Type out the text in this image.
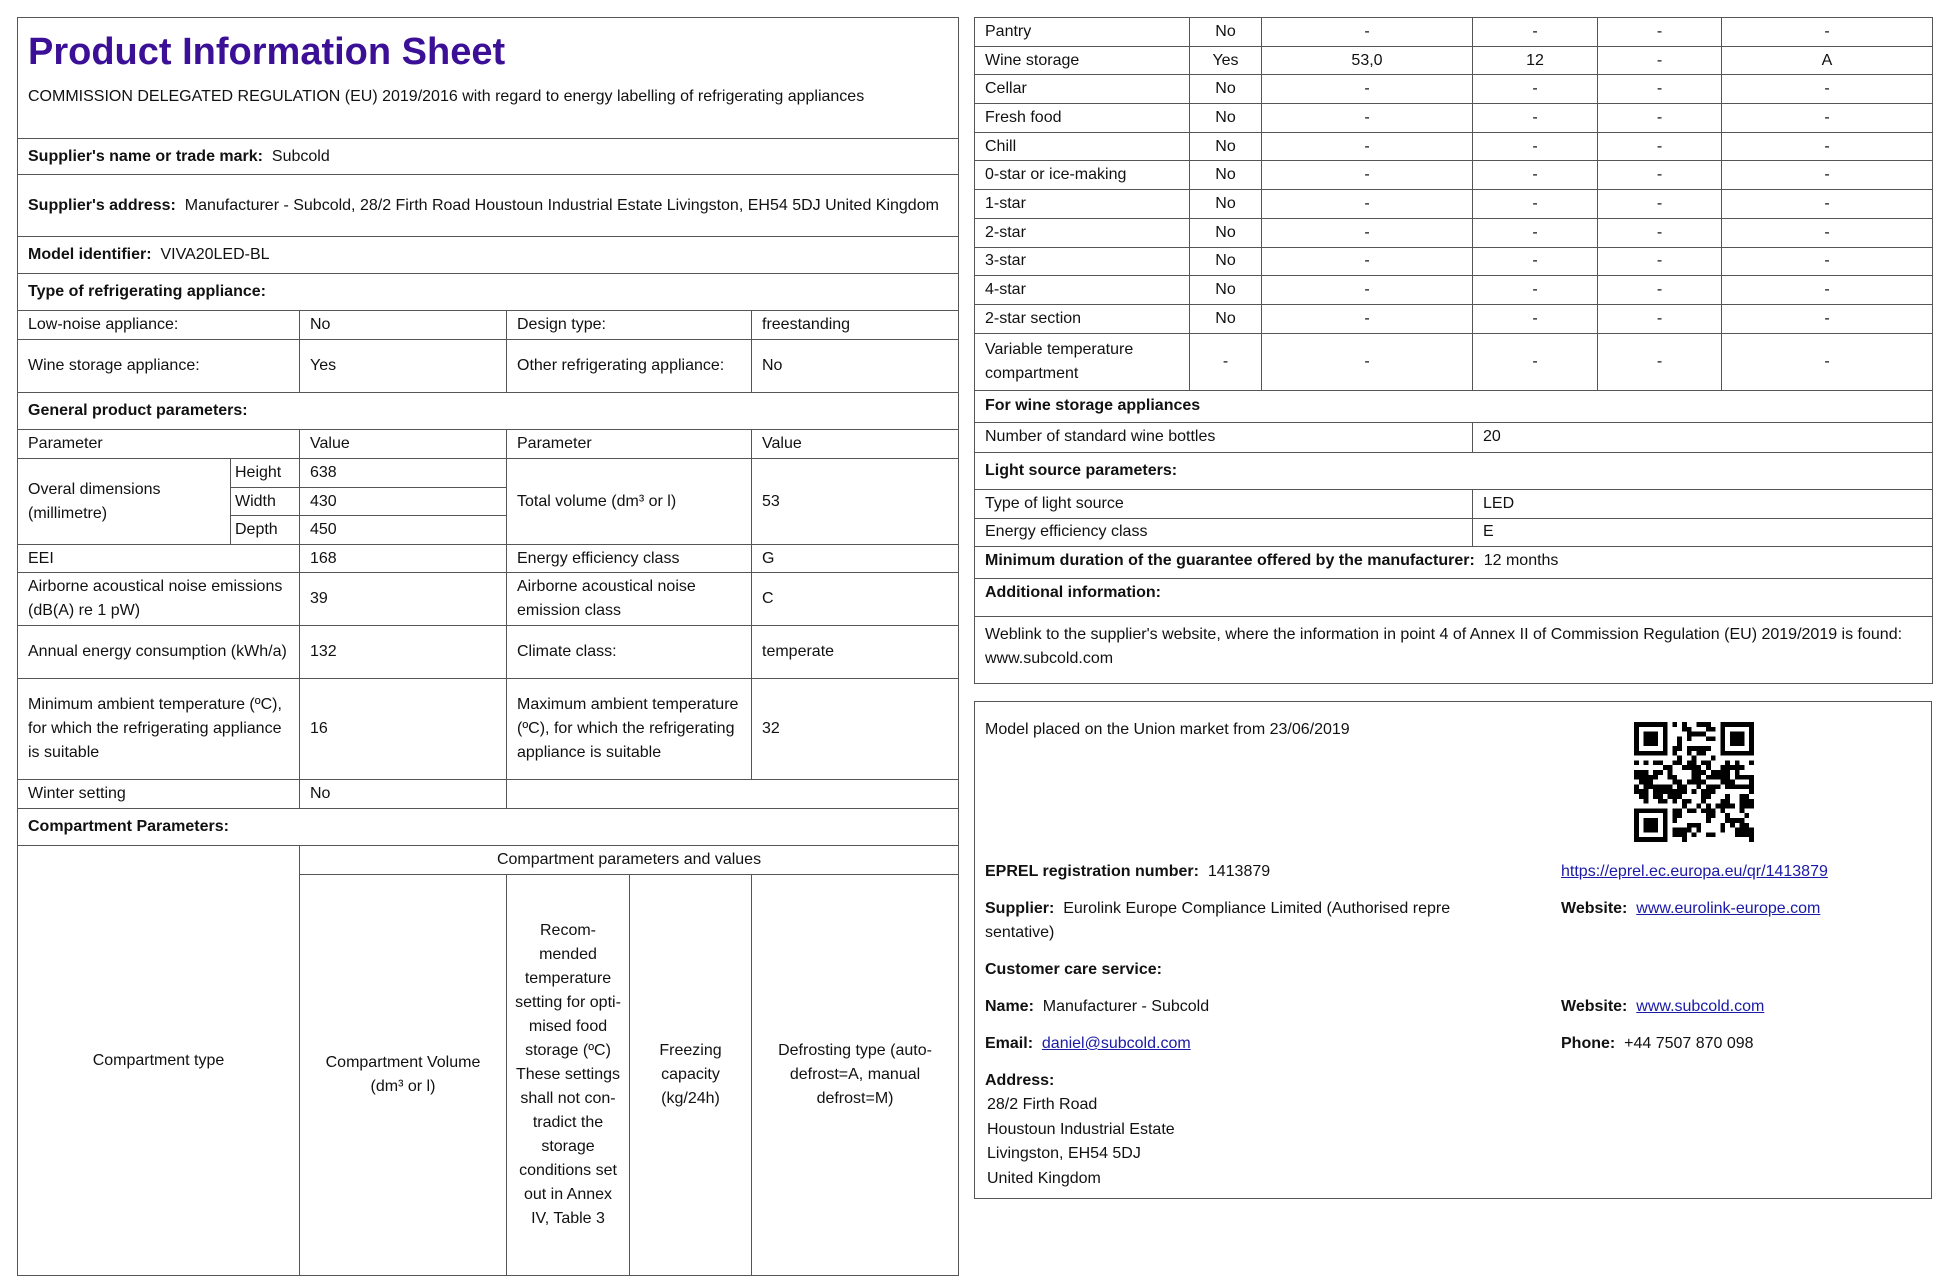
Product Information Sheet
COMMISSION DELEGATED REGULATION (EU) 2019/2016 with regard to energy labelling of refrigerating appliances					

Supplier's name or trade mark: Subcold					
Supplier's address: Manufacturer - Subcold, 28/2 Firth Road Houstoun Industrial Estate Livingston, EH54 5DJ United Kingdom					
Model identifier: VIVA20LED-BL					
Type of refrigerating appliance:					
Low-noise appliance:		No	Design type:		freestanding
Wine storage appliance:		Yes	Other refrigerating appliance:		No
General product parameters:					
Parameter		Value	Parameter		Value
Overal dimensions (millimetre)	Height	638	Total volume (dm³ or l)		53
	Width	430			
	Depth	450			
EEI		168	Energy efficiency class		G
Airborne acoustical noise emissions (dB(A) re 1 pW)		39	Airborne acoustical noise emission class		C
Annual energy consumption (kWh/a)		132	Climate class:		temperate
Minimum ambient temperature (ºC), for which the refrigerating appliance is suitable		16	Maximum ambient temperature (ºC), for which the refrigerating appliance is suitable		32
Winter setting		No			
Compartment Parameters:					
Compartment type		Compartment parameters and values			
		Compartment Volume (dm³ or l)	Recommended temperature setting for optimised food storage (ºC) These settings shall not contradict the storage conditions set out in Annex IV, Table 3	Freezing capacity (kg/24h)	Defrosting type (auto-defrost=A, manual defrost=M)
Pantry	No	-	-	-	-
Wine storage	Yes	53,0	12	-	A
Cellar	No	-	-	-	-
Fresh food	No	-	-	-	-
Chill	No	-	-	-	-
0-star or ice-making	No	-	-	-	-
1-star	No	-	-	-	-
2-star	No	-	-	-	-
3-star	No	-	-	-	-
4-star	No	-	-	-	-
2-star section	No	-	-	-	-
Variable temperature compartment	-	-	-	-	-
For wine storage appliances					
Number of standard wine bottles			20		
Light source parameters:					
Type of light source			LED		
Energy efficiency class			E		
Minimum duration of the guarantee offered by the manufacturer: 12 months					
Additional information:					
Weblink to the supplier's website, where the information in point 4 of Annex II of Commission Regulation (EU) 2019/2019 is found: www.subcold.com					
Model placed on the Union market from 23/06/2019
EPREL registration number: 1413879	https://eprel.ec.europa.eu/qr/1413879
Supplier: Eurolink Europe Compliance Limited (Authorised repre
sentative)
Website: www.eurolink-europe.com
Customer care service:
Name: Manufacturer - Subcold	Website: www.subcold.com
Email: daniel@subcold.com	Phone: +44 7507 870 098
Address:
28/2 Firth Road
Houstoun Industrial Estate
Livingston, EH54 5DJ
United Kingdom
